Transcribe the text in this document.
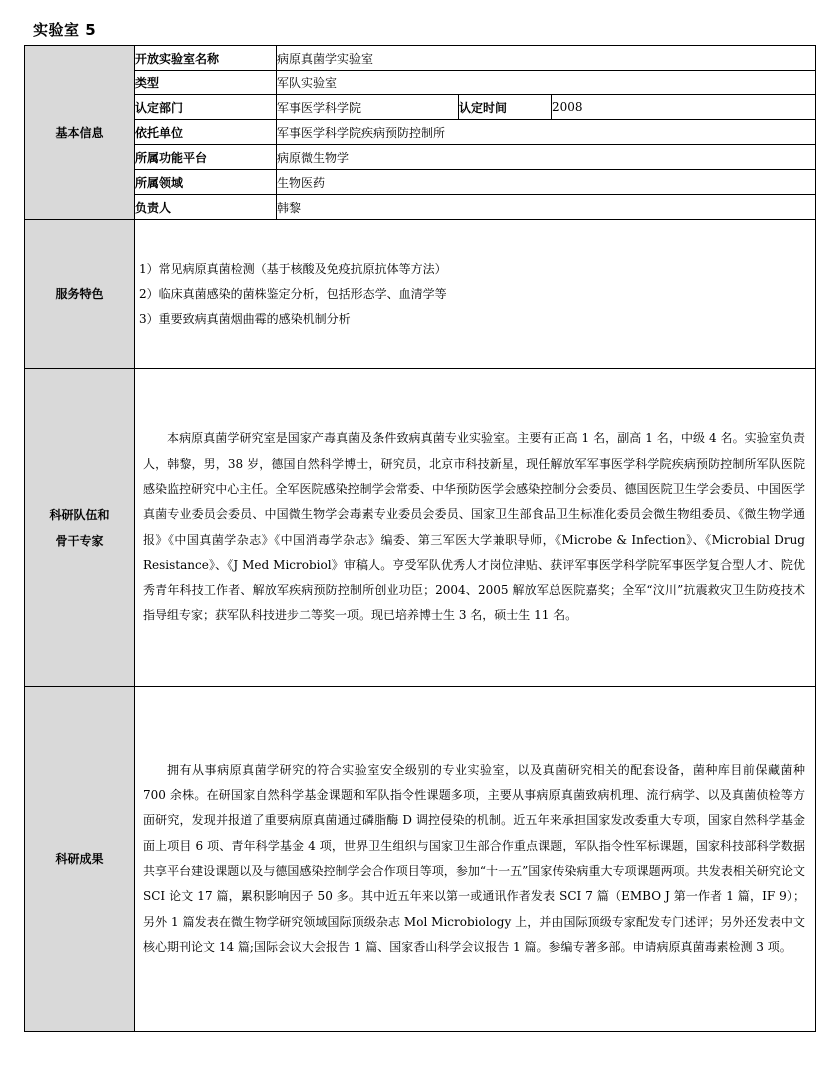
实验室 5
基本信息	开放实验室名称	病原真菌学实验室		
	类型	军队实验室		
	认定部门	军事医学科学院	认定时间	2008
	依托单位	军事医学科学院疾病预防控制所		
	所属功能平台	病原微生物学		
	所属领域	生物医药		
	负责人	韩黎		
服务特色	1）常见病原真菌检测（基于核酸及免疫抗原抗体等方法）
2）临床真菌感染的菌株鉴定分析，包括形态学、血清学等
3）重要致病真菌烟曲霉的感染机制分析			

科研队伍和
骨干专家	本病原真菌学研究室是国家产毒真菌及条件致病真菌专业实验室。主要有正高 1 名，副高 1 名，中级 4 名。实验室负责人，韩黎，男，38 岁，德国自然科学博士，研究员，北京市科技新星，现任解放军军事医学科学院疾病预防控制所军队医院感染监控研究中心主任。全军医院感染控制学会常委、中华预防医学会感染控制分会委员、德国医院卫生学会委员、中国医学真菌专业委员会委员、中国微生物学会毒素专业委员会委员、国家卫生部食品卫生标准化委员会微生物组委员、《微生物学通报》《中国真菌学杂志》《中国消毒学杂志》编委、第三军医大学兼职导师，《Microbe & Infection》、《Microbial Drug Resistance》、《J Med Microbiol》审稿人。亨受军队优秀人才岗位津贴、获评军事医学科学院军事医学复合型人才、院优秀青年科技工作者、解放军疾病预防控制所创业功臣；2004、2005 解放军总医院嘉奖；全军“汶川”抗震救灾卫生防疫技术指导组专家；获军队科技进步二等奖一项。现已培养博士生 3 名，硕士生 11 名。			

科研成果	拥有从事病原真菌学研究的符合实验室安全级别的专业实验室，以及真菌研究相关的配套设备，菌种库目前保藏菌种 700 余株。在研国家自然科学基金课题和军队指令性课题多项，主要从事病原真菌致病机理、流行病学、以及真菌侦检等方面研究，发现并报道了重要病原真菌通过磷脂酶 D 调控侵染的机制。近五年来承担国家发改委重大专项，国家自然科学基金面上项目 6 项、青年科学基金 4 项，世界卫生组织与国家卫生部合作重点课题，军队指令性军标课题，国家科技部科学数据共享平台建设课题以及与德国感染控制学会合作项目等项，参加“十一五”国家传染病重大专项课题两项。共发表相关研究论文 SCI 论文 17 篇，累积影响因子 50 多。其中近五年来以第一或通讯作者发表 SCI 7 篇（EMBO J 第一作者 1 篇，IF 9）；另外 1 篇发表在微生物学研究领域国际顶级杂志 Mol Microbiology 上，并由国际顶级专家配发专门述评；另外还发表中文核心期刊论文 14 篇;国际会议大会报告 1 篇、国家香山科学会议报告 1 篇。参编专著多部。申请病原真菌毒素检测 3 项。			
